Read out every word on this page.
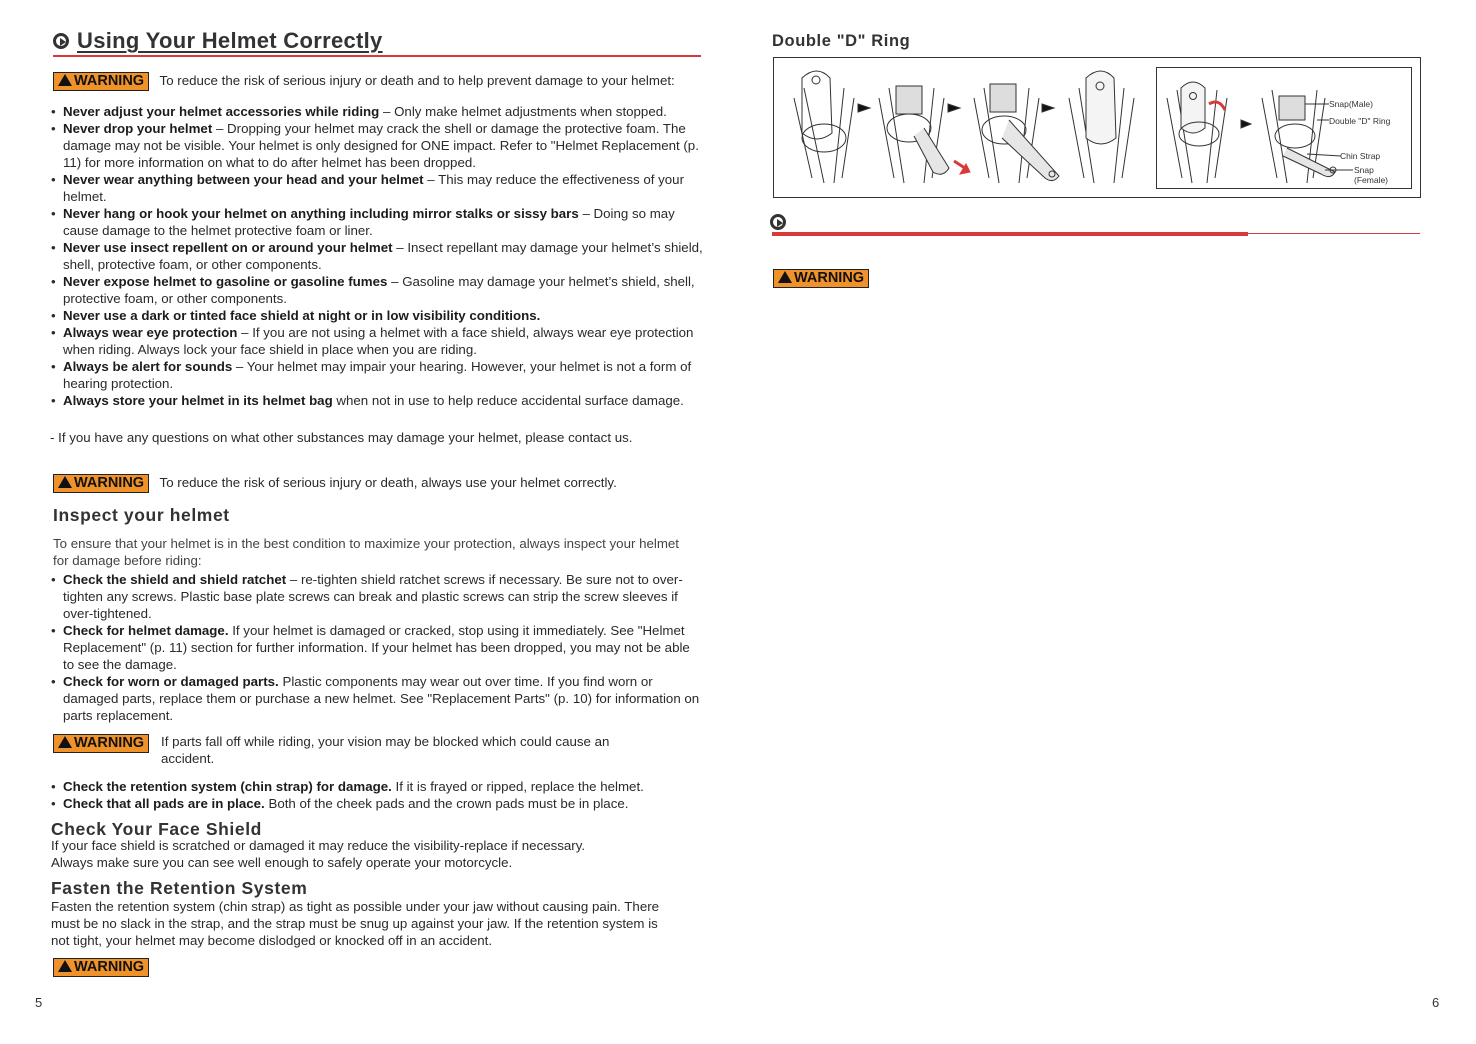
Using Your Helmet Correctly
WARNING To reduce the risk of serious injury or death and to help prevent damage to your helmet:
• Never adjust your helmet accessories while riding – Only make helmet adjustments when stopped.
• Never drop your helmet – Dropping your helmet may crack the shell or damage the protective foam. The damage may not be visible. Your helmet is only designed for ONE impact. Refer to "Helmet Replacement (p. 11) for more information on what to do after helmet has been dropped.
• Never wear anything between your head and your helmet – This may reduce the effectiveness of your helmet.
• Never hang or hook your helmet on anything including mirror stalks or sissy bars – Doing so may cause damage to the helmet protective foam or liner.
• Never use insect repellent on or around your helmet – Insect repellant may damage your helmet’s shield, shell, protective foam, or other components.
• Never expose helmet to gasoline or gasoline fumes – Gasoline may damage your helmet’s shield, shell, protective foam, or other components.
• Never use a dark or tinted face shield at night or in low visibility conditions.
• Always wear eye protection – If you are not using a helmet with a face shield, always wear eye protection when riding. Always lock your face shield in place when you are riding.
• Always be alert for sounds – Your helmet may impair your hearing. However, your helmet is not a form of hearing protection.
• Always store your helmet in its helmet bag when not in use to help reduce accidental surface damage.
- If you have any questions on what other substances may damage your helmet, please contact us.
WARNING To reduce the risk of serious injury or death, always use your helmet correctly.
Inspect your helmet
To ensure that your helmet is in the best condition to maximize your protection, always inspect your helmet for damage before riding:
• Check the shield and shield ratchet – re-tighten shield ratchet screws if necessary. Be sure not to over-tighten any screws. Plastic base plate screws can break and plastic screws can strip the screw sleeves if over-tightened.
• Check for helmet damage. If your helmet is damaged or cracked, stop using it immediately. See "Helmet Replacement" (p. 11) section for further information. If your helmet has been dropped, you may not be able to see the damage.
• Check for worn or damaged parts. Plastic components may wear out over time. If you find worn or damaged parts, replace them or purchase a new helmet. See "Replacement Parts" (p. 10) for information on parts replacement.
WARNING	If parts fall off while riding, your vision may be blocked which could cause an accident.
• Check the retention system (chin strap) for damage. If it is frayed or ripped, replace the helmet.
• Check that all pads are in place. Both of the cheek pads and the crown pads must be in place.
Check Your Face Shield
If your face shield is scratched or damaged it may reduce the visibility-replace if necessary. Always make sure you can see well enough to safely operate your motorcycle.
Fasten the Retention System
Fasten the retention system (chin strap) as tight as possible under your jaw without causing pain. There must be no slack in the strap, and the strap must be snug up against your jaw. If the retention system is not tight, your helmet may become dislodged or knocked off in an accident.
WARNING
5
Double "D" Ring
Snap(Male)
Double "D" Ring
Chin Strap
Snap
(Female)
WARNING
6
